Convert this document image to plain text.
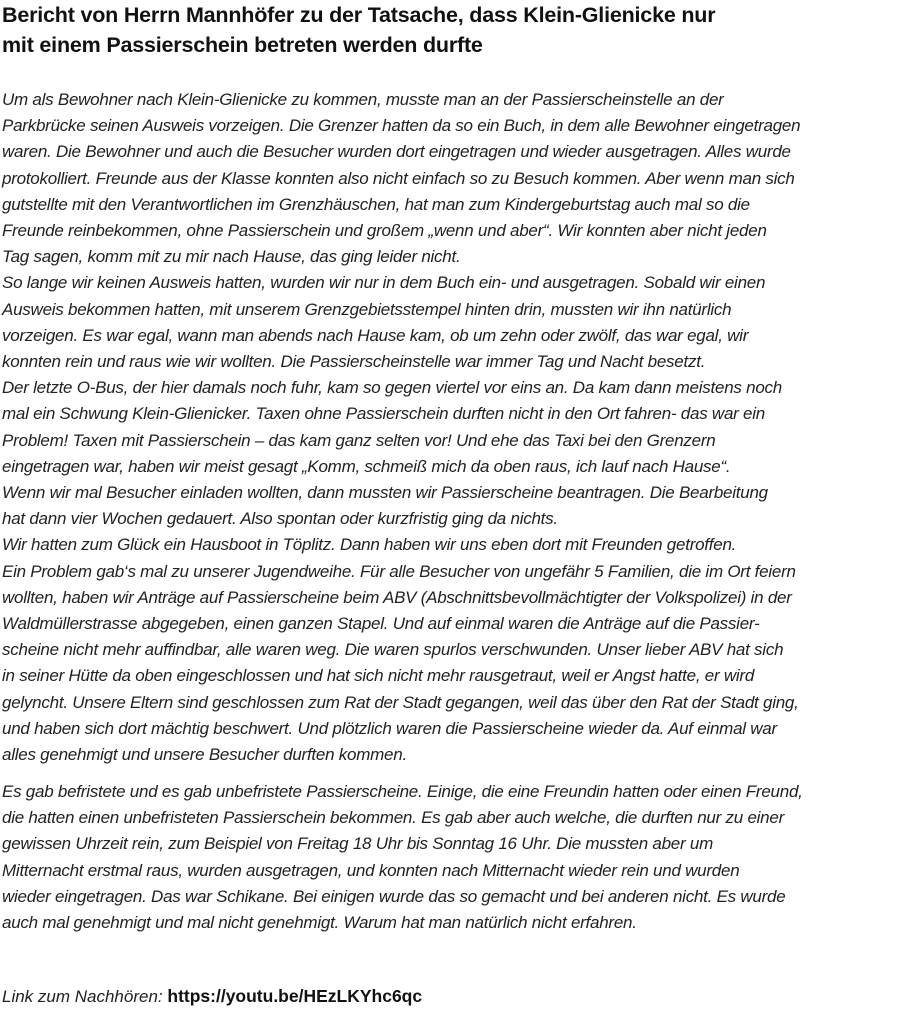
Bericht von Herrn Mannhöfer zu der Tatsache, dass Klein-Glienicke nur
mit einem Passierschein betreten werden durfte
Um als Bewohner nach Klein-Glienicke zu kommen, musste man an der Passierscheinstelle an der
Parkbrücke seinen Ausweis vorzeigen. Die Grenzer hatten da so ein Buch, in dem alle Bewohner eingetragen
waren. Die Bewohner und auch die Besucher wurden dort eingetragen und wieder ausgetragen. Alles wurde
protokolliert. Freunde aus der Klasse konnten also nicht einfach so zu Besuch kommen. Aber wenn man sich
gutstellte mit den Verantwortlichen im Grenzhäuschen, hat man zum Kindergeburtstag auch mal so die
Freunde reinbekommen, ohne Passierschein und großem „wenn und aber“. Wir konnten aber nicht jeden
Tag sagen, komm mit zu mir nach Hause, das ging leider nicht.
So lange wir keinen Ausweis hatten, wurden wir nur in dem Buch ein- und ausgetragen. Sobald wir einen
Ausweis bekommen hatten, mit unserem Grenzgebietsstempel hinten drin, mussten wir ihn natürlich
vorzeigen. Es war egal, wann man abends nach Hause kam, ob um zehn oder zwölf, das war egal, wir
konnten rein und raus wie wir wollten. Die Passierscheinstelle war immer Tag und Nacht besetzt.
Der letzte O-Bus, der hier damals noch fuhr, kam so gegen viertel vor eins an. Da kam dann meistens noch
mal ein Schwung Klein-Glienicker. Taxen ohne Passierschein durften nicht in den Ort fahren- das war ein
Problem! Taxen mit Passierschein – das kam ganz selten vor! Und ehe das Taxi bei den Grenzern
eingetragen war, haben wir meist gesagt „Komm, schmeiß mich da oben raus, ich lauf nach Hause“.
Wenn wir mal Besucher einladen wollten, dann mussten wir Passierscheine beantragen. Die Bearbeitung
hat dann vier Wochen gedauert. Also spontan oder kurzfristig ging da nichts.
Wir hatten zum Glück ein Hausboot in Töplitz. Dann haben wir uns eben dort mit Freunden getroffen.
Ein Problem gab‘s mal zu unserer Jugendweihe. Für alle Besucher von ungefähr 5 Familien, die im Ort feiern
wollten, haben wir Anträge auf Passierscheine beim ABV (Abschnittsbevollmächtigter der Volkspolizei) in der
Waldmüllerstrasse abgegeben, einen ganzen Stapel. Und auf einmal waren die Anträge auf die Passier-
scheine nicht mehr auffindbar, alle waren weg. Die waren spurlos verschwunden. Unser lieber ABV hat sich
in seiner Hütte da oben eingeschlossen und hat sich nicht mehr rausgetraut, weil er Angst hatte, er wird
gelyncht. Unsere Eltern sind geschlossen zum Rat der Stadt gegangen, weil das über den Rat der Stadt ging,
und haben sich dort mächtig beschwert. Und plötzlich waren die Passierscheine wieder da. Auf einmal war
alles genehmigt und unsere Besucher durften kommen.
Es gab befristete und es gab unbefristete Passierscheine. Einige, die eine Freundin hatten oder einen Freund,
die hatten einen unbefristeten Passierschein bekommen. Es gab aber auch welche, die durften nur zu einer
gewissen Uhrzeit rein, zum Beispiel von Freitag 18 Uhr bis Sonntag 16 Uhr. Die mussten aber um
Mitternacht erstmal raus, wurden ausgetragen, und konnten nach Mitternacht wieder rein und wurden
wieder eingetragen. Das war Schikane. Bei einigen wurde das so gemacht und bei anderen nicht. Es wurde
auch mal genehmigt und mal nicht genehmigt. Warum hat man natürlich nicht erfahren.
Link zum Nachhören: https://youtu.be/HEzLKYhc6qc
